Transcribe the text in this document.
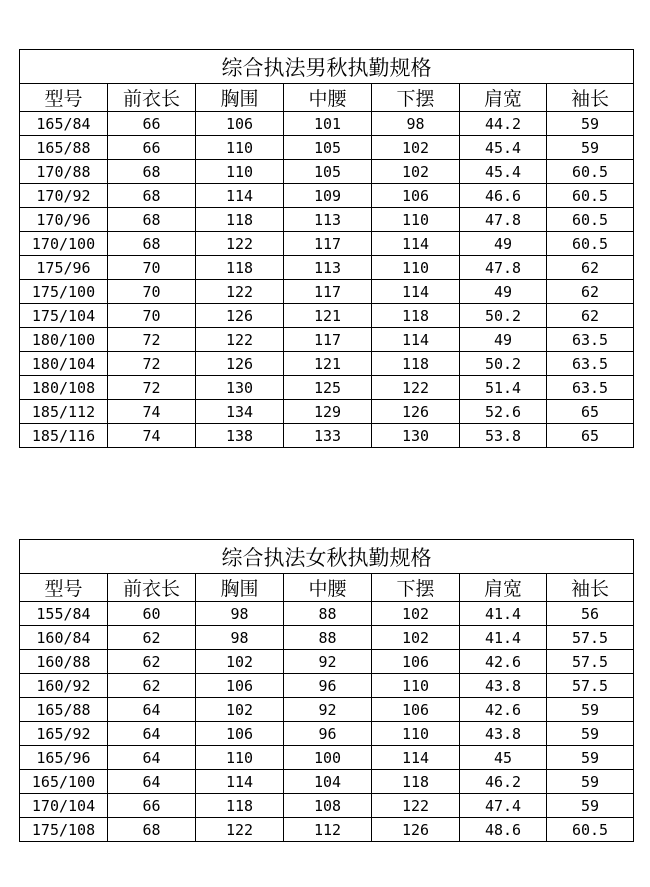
综合执法男秋执勤规格						
型号	前衣长	胸围	中腰	下摆	肩宽	袖长
165/84	66	106	101	98	44.2	59
165/88	66	110	105	102	45.4	59
170/88	68	110	105	102	45.4	60.5
170/92	68	114	109	106	46.6	60.5
170/96	68	118	113	110	47.8	60.5
170/100	68	122	117	114	49	60.5
175/96	70	118	113	110	47.8	62
175/100	70	122	117	114	49	62
175/104	70	126	121	118	50.2	62
180/100	72	122	117	114	49	63.5
180/104	72	126	121	118	50.2	63.5
180/108	72	130	125	122	51.4	63.5
185/112	74	134	129	126	52.6	65
185/116	74	138	133	130	53.8	65
综合执法女秋执勤规格						
型号	前衣长	胸围	中腰	下摆	肩宽	袖长
155/84	60	98	88	102	41.4	56
160/84	62	98	88	102	41.4	57.5
160/88	62	102	92	106	42.6	57.5
160/92	62	106	96	110	43.8	57.5
165/88	64	102	92	106	42.6	59
165/92	64	106	96	110	43.8	59
165/96	64	110	100	114	45	59
165/100	64	114	104	118	46.2	59
170/104	66	118	108	122	47.4	59
175/108	68	122	112	126	48.6	60.5
